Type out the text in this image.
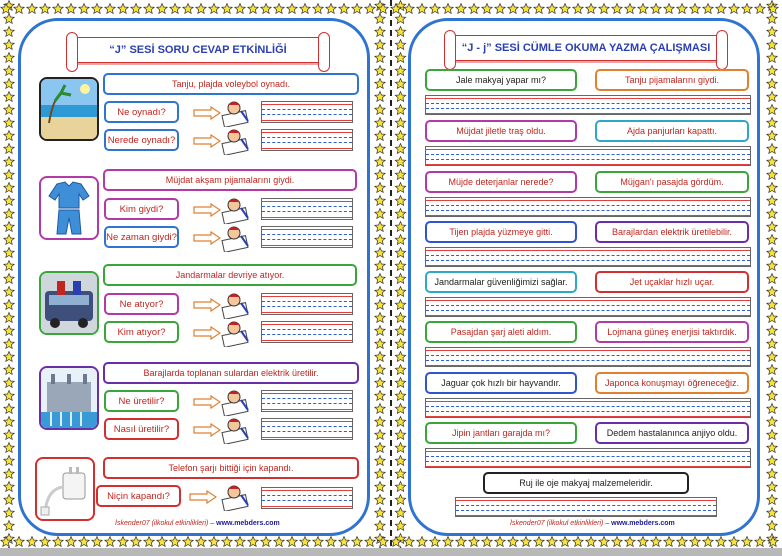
“J” SESİ SORU CEVAP ETKİNLİĞİ
Tanju, plajda voleybol oynadı.
Ne oynadı?
Nerede oynadı?
Müjdat akşam pijamalarını giydi.
Kim giydi?
Ne zaman giydi?
Jandarmalar devriye atıyor.
Ne atıyor?
Kim atıyor?
Barajlarda toplanan sulardan elektrik üretilir.
Ne üretilir?
Nasıl üretilir?
Telefon şarjı bittiği için kapandı.
Niçin kapandı?
İskender07 (ilkokul etkinlikleri) – www.mebders.com
“J - j” SESİ CÜMLE OKUMA YAZMA ÇALIŞMASI
Jale makyaj yapar mı?	Tanju pijamalarını giydi.
Müjdat jiletle traş oldu.	Ajda panjurları kapattı.
Müjde deterjanlar nerede?	Müjgan'ı pasajda gördüm.
Tijen plajda yüzmeye gitti.	Barajlardan elektrik üretilebilir.
Jandarmalar güvenliğimizi sağlar.	Jet uçaklar hızlı uçar.
Pasajdan şarj aleti aldım.	Lojmana güneş enerjisi taktırdık.
Jaguar çok hızlı bir hayvandır.	Japonca konuşmayı öğreneceğiz.
Jipin jantları garajda mı?	Dedem hastalanınca anjiyo oldu.
Ruj ile oje makyaj malzemeleridir.
İskender07 (ilkokul etkinlikleri) – www.mebders.com
